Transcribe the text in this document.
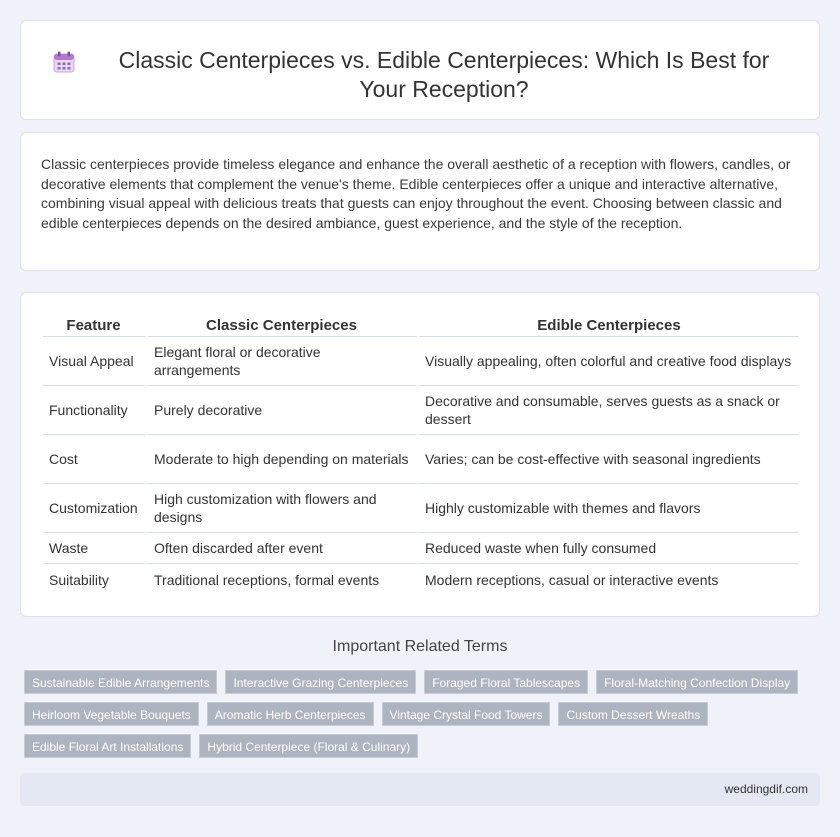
Classic Centerpieces vs. Edible Centerpieces: Which Is Best for Your Reception?

Classic centerpieces provide timeless elegance and enhance the overall aesthetic of a reception with flowers, candles, or decorative elements that complement the venue's theme. Edible centerpieces offer a unique and interactive alternative, combining visual appeal with delicious treats that guests can enjoy throughout the event. Choosing between classic and edible centerpieces depends on the desired ambiance, guest experience, and the style of the reception.

Feature	Classic Centerpieces	Edible Centerpieces
Visual Appeal	Elegant floral or decorative arrangements	Visually appealing, often colorful and creative food displays
Functionality	Purely decorative	Decorative and consumable, serves guests as a snack or dessert
Cost	Moderate to high depending on materials	Varies; can be cost-effective with seasonal ingredients
Customization	High customization with flowers and designs	Highly customizable with themes and flavors
Waste	Often discarded after event	Reduced waste when fully consumed
Suitability	Traditional receptions, formal events	Modern receptions, casual or interactive events
Important Related Terms
Sustainable Edible Arrangements	Interactive Grazing Centerpieces	Foraged Floral Tablescapes	Floral-Matching Confection Display
Heirloom Vegetable Bouquets	Aromatic Herb Centerpieces	Vintage Crystal Food Towers	Custom Dessert Wreaths
Edible Floral Art Installations	Hybrid Centerpiece (Floral & Culinary)
weddingdif.com
